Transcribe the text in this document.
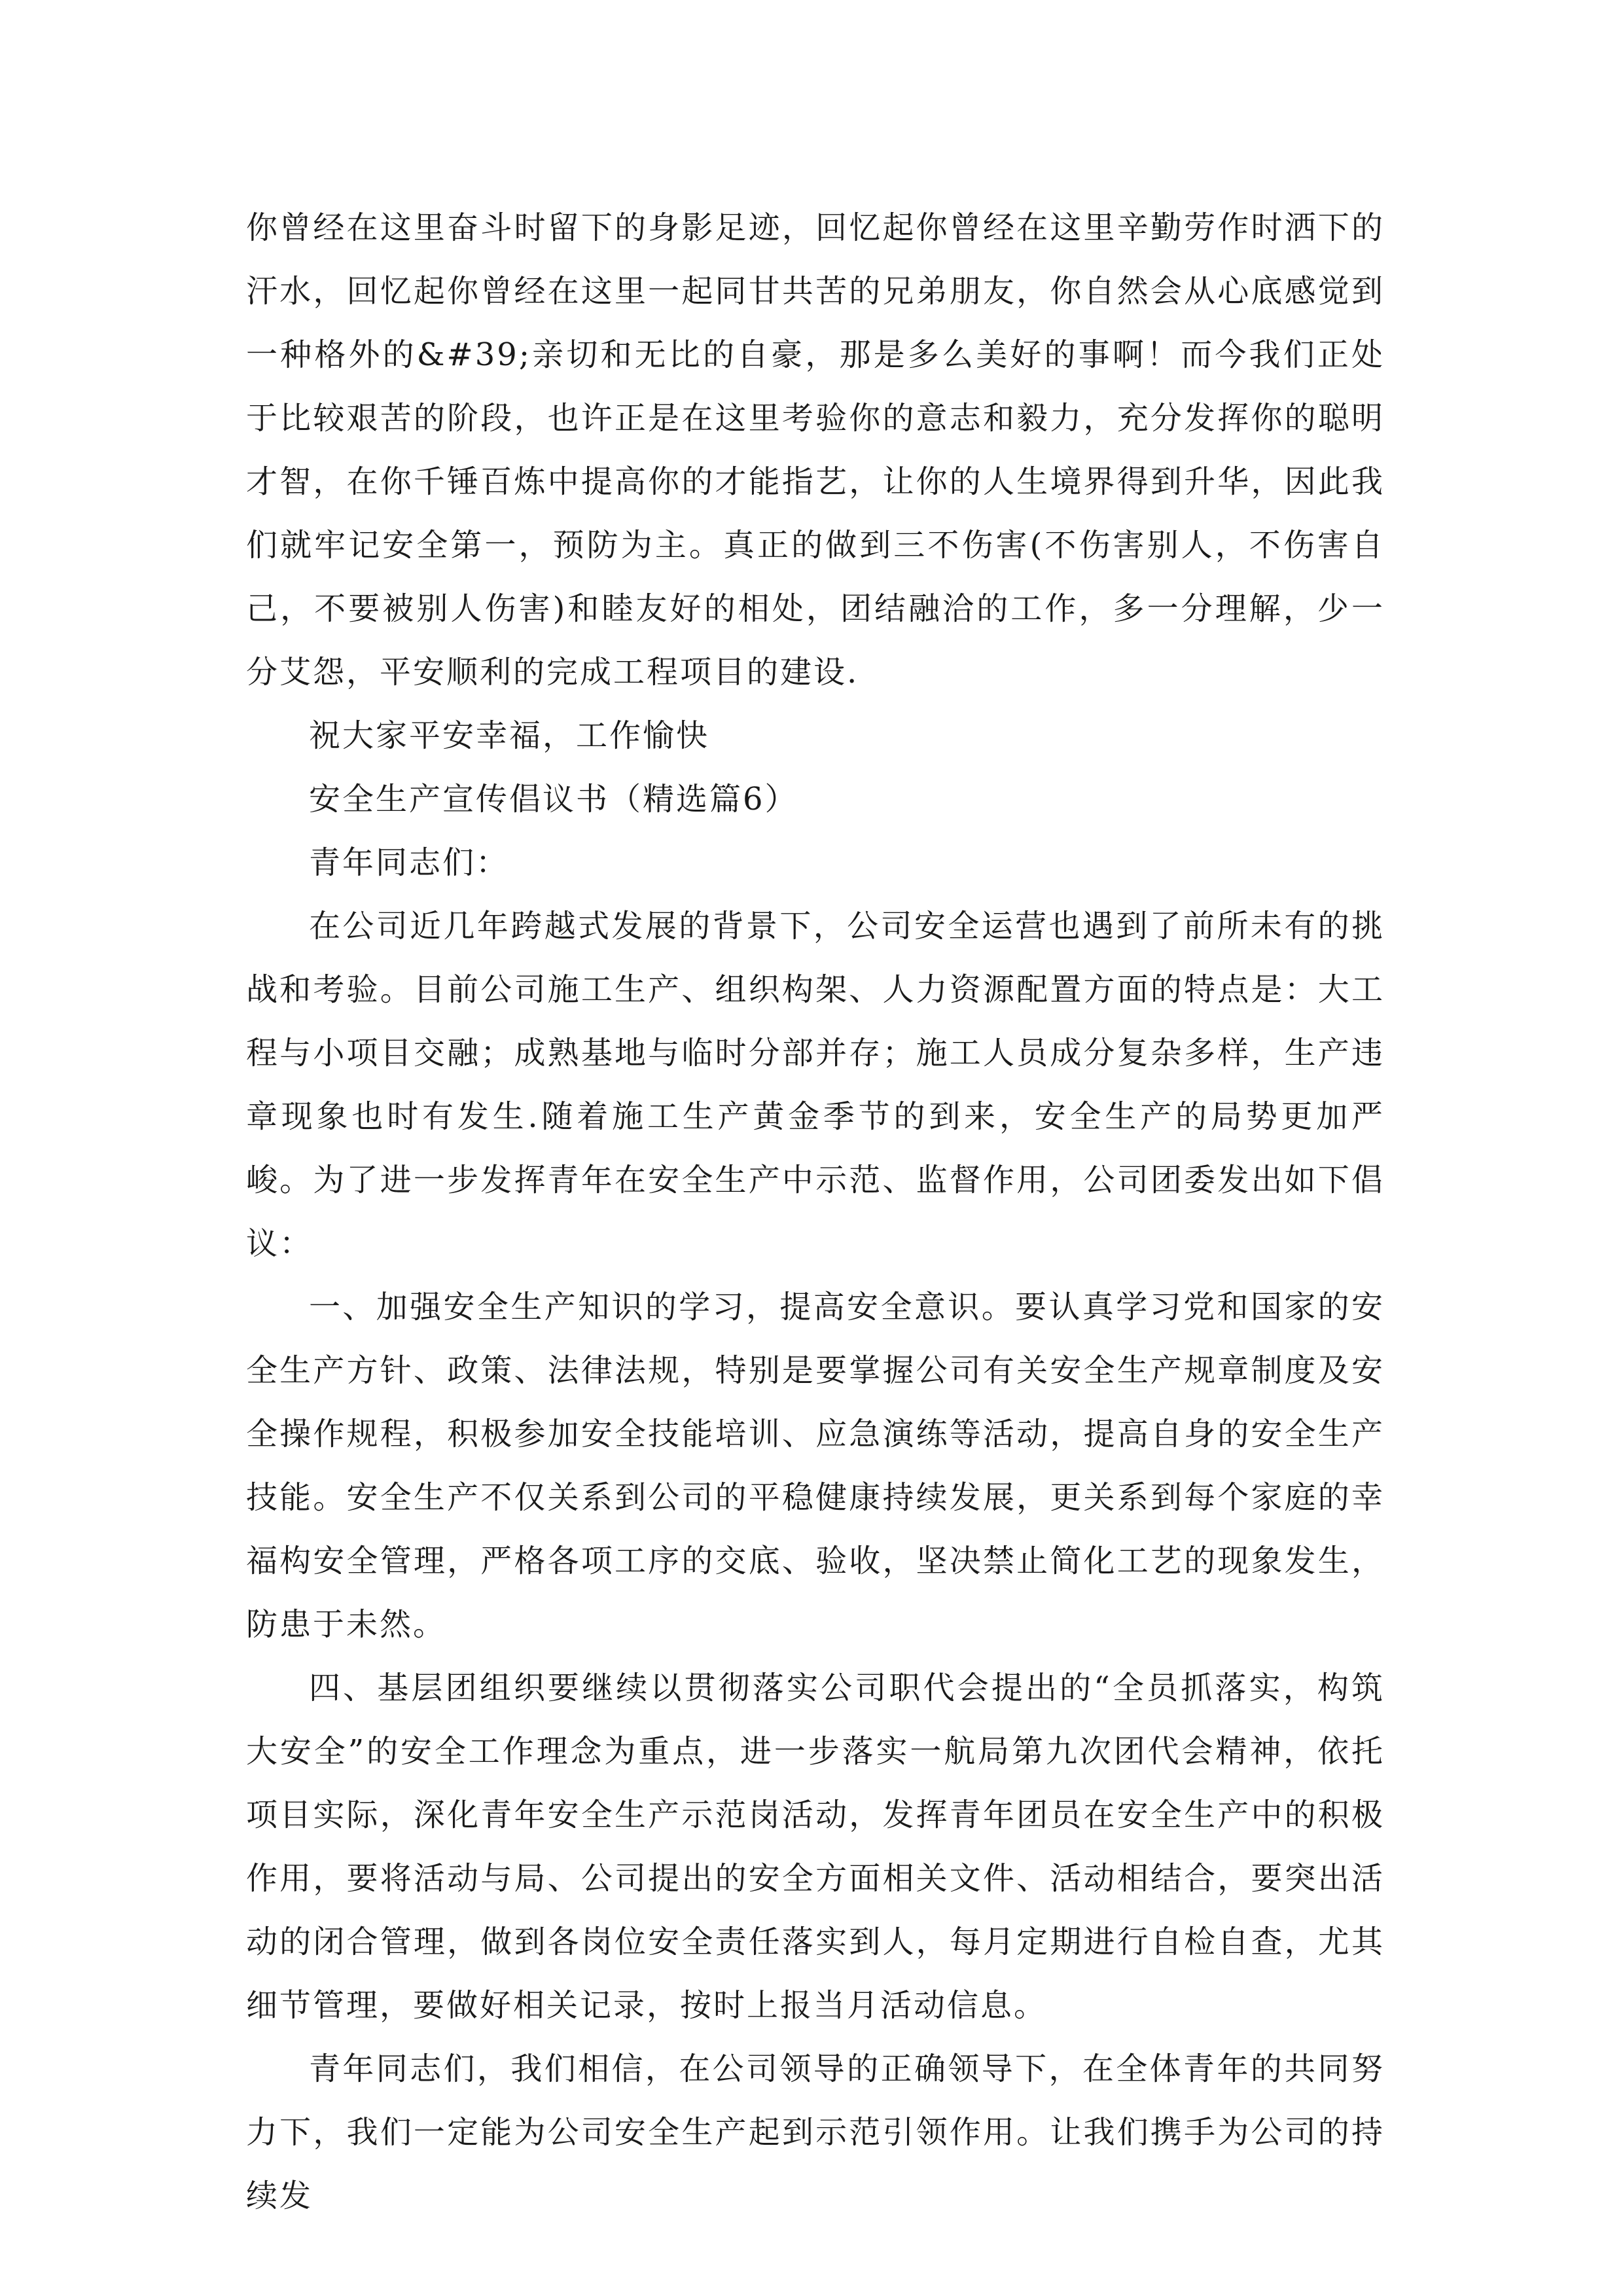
你曾经在这里奋斗时留下的身影足迹，回忆起你曾经在这里辛勤劳作时洒下的汗水，回忆起你曾经在这里一起同甘共苦的兄弟朋友，你自然会从心底感觉到一种格外的&#39;亲切和无比的自豪，那是多么美好的事啊！而今我们正处于比较艰苦的阶段，也许正是在这里考验你的意志和毅力，充分发挥你的聪明才智，在你千锤百炼中提高你的才能指艺，让你的人生境界得到升华，因此我们就牢记安全第一，预防为主。真正的做到三不伤害(不伤害别人，不伤害自己，不要被别人伤害)和睦友好的相处，团结融洽的工作，多一分理解，少一分艾怨，平安顺利的完成工程项目的建设.

祝大家平安幸福，工作愉快

安全生产宣传倡议书（精选篇6）

青年同志们：

在公司近几年跨越式发展的背景下，公司安全运营也遇到了前所未有的挑战和考验。目前公司施工生产、组织构架、人力资源配置方面的特点是：大工程与小项目交融；成熟基地与临时分部并存；施工人员成分复杂多样，生产违章现象也时有发生.随着施工生产黄金季节的到来，安全生产的局势更加严峻。为了进一步发挥青年在安全生产中示范、监督作用，公司团委发出如下倡议：

一、加强安全生产知识的学习，提高安全意识。要认真学习党和国家的安全生产方针、政策、法律法规，特别是要掌握公司有关安全生产规章制度及安全操作规程，积极参加安全技能培训、应急演练等活动，提高自身的安全生产技能。安全生产不仅关系到公司的平稳健康持续发展，更关系到每个家庭的幸福构安全管理，严格各项工序的交底、验收，坚决禁止简化工艺的现象发生，防患于未然。

四、基层团组织要继续以贯彻落实公司职代会提出的“全员抓落实，构筑大安全”的安全工作理念为重点，进一步落实一航局第九次团代会精神，依托项目实际，深化青年安全生产示范岗活动，发挥青年团员在安全生产中的积极作用，要将活动与局、公司提出的安全方面相关文件、活动相结合，要突出活动的闭合管理，做到各岗位安全责任落实到人，每月定期进行自检自查，尤其细节管理，要做好相关记录，按时上报当月活动信息。

青年同志们，我们相信，在公司领导的正确领导下，在全体青年的共同努力下，我们一定能为公司安全生产起到示范引领作用。让我们携手为公司的持续发
